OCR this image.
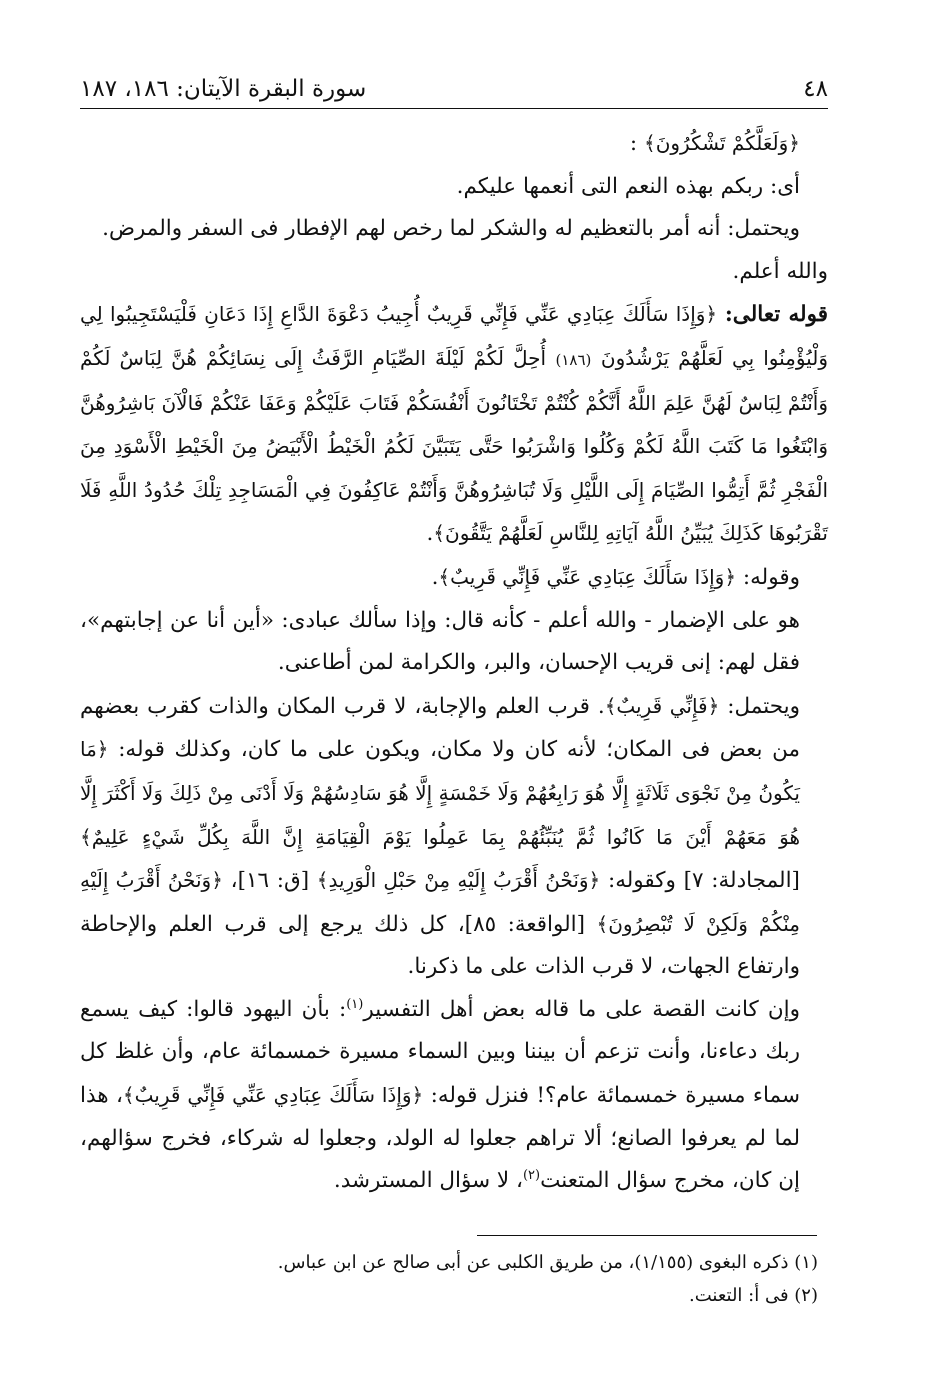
٤٨
سورة البقرة الآيتان: ١٨٦، ١٨٧

﴿وَلَعَلَّكُمْ تَشْكُرُونَ﴾ :

أى: ربكم بهذه النعم التى أنعمها عليكم.

ويحتمل: أنه أمر بالتعظيم له والشكر لما رخص لهم الإفطار فى السفر والمرض.

والله أعلم.

قوله تعالى: ﴿وَإِذَا سَأَلَكَ عِبَادِي عَنِّي فَإِنِّي قَرِيبٌ أُجِيبُ دَعْوَةَ الدَّاعِ إِذَا دَعَانِ فَلْيَسْتَجِيبُوا لِي وَلْيُؤْمِنُوا بِي لَعَلَّهُمْ يَرْشُدُونَ (١٨٦) أُحِلَّ لَكُمْ لَيْلَةَ الصِّيَامِ الرَّفَثُ إِلَى نِسَائِكُمْ هُنَّ لِبَاسٌ لَكُمْ وَأَنْتُمْ لِبَاسٌ لَهُنَّ عَلِمَ اللَّهُ أَنَّكُمْ كُنْتُمْ تَخْتَانُونَ أَنْفُسَكُمْ فَتَابَ عَلَيْكُمْ وَعَفَا عَنْكُمْ فَالْآنَ بَاشِرُوهُنَّ وَابْتَغُوا مَا كَتَبَ اللَّهُ لَكُمْ وَكُلُوا وَاشْرَبُوا حَتَّى يَتَبَيَّنَ لَكُمُ الْخَيْطُ الْأَبْيَضُ مِنَ الْخَيْطِ الْأَسْوَدِ مِنَ الْفَجْرِ ثُمَّ أَتِمُّوا الصِّيَامَ إِلَى اللَّيْلِ وَلَا تُبَاشِرُوهُنَّ وَأَنْتُمْ عَاكِفُونَ فِي الْمَسَاجِدِ تِلْكَ حُدُودُ اللَّهِ فَلَا تَقْرَبُوهَا كَذَلِكَ يُبَيِّنُ اللَّهُ آيَاتِهِ لِلنَّاسِ لَعَلَّهُمْ يَتَّقُونَ﴾.

وقوله: ﴿وَإِذَا سَأَلَكَ عِبَادِي عَنِّي فَإِنِّي قَرِيبٌ﴾.

هو على الإضمار - والله أعلم - كأنه قال: وإذا سألك عبادى: «أين أنا عن إجابتهم»، فقل لهم: إنى قريب الإحسان، والبر، والكرامة لمن أطاعنى.

ويحتمل: ﴿فَإِنِّي قَرِيبٌ﴾. قرب العلم والإجابة، لا قرب المكان والذات كقرب بعضهم من بعض فى المكان؛ لأنه كان ولا مكان، ويكون على ما كان، وكذلك قوله: ﴿مَا يَكُونُ مِنْ نَجْوَى ثَلَاثَةٍ إِلَّا هُوَ رَابِعُهُمْ وَلَا خَمْسَةٍ إِلَّا هُوَ سَادِسُهُمْ وَلَا أَدْنَى مِنْ ذَلِكَ وَلَا أَكْثَرَ إِلَّا هُوَ مَعَهُمْ أَيْنَ مَا كَانُوا ثُمَّ يُنَبِّئُهُمْ بِمَا عَمِلُوا يَوْمَ الْقِيَامَةِ إِنَّ اللَّهَ بِكُلِّ شَيْءٍ عَلِيمٌ﴾ [المجادلة: ٧] وكقوله: ﴿وَنَحْنُ أَقْرَبُ إِلَيْهِ مِنْ حَبْلِ الْوَرِيدِ﴾ [ق: ١٦]، ﴿وَنَحْنُ أَقْرَبُ إِلَيْهِ مِنْكُمْ وَلَكِنْ لَا تُبْصِرُونَ﴾ [الواقعة: ٨٥]، كل ذلك يرجع إلى قرب العلم والإحاطة وارتفاع الجهات، لا قرب الذات على ما ذكرنا.

وإن كانت القصة على ما قاله بعض أهل التفسير$^{(١)}$: بأن اليهود قالوا: كيف يسمع ربك دعاءنا، وأنت تزعم أن بيننا وبين السماء مسيرة خمسمائة عام، وأن غلظ كل سماء مسيرة خمسمائة عام؟! فنزل قوله: ﴿وَإِذَا سَأَلَكَ عِبَادِي عَنِّي فَإِنِّي قَرِيبٌ﴾، هذا لما لم يعرفوا الصانع؛ ألا تراهم جعلوا له الولد، وجعلوا له شركاء، فخرج سؤالهم، إن كان، مخرج سؤال المتعنت$^{(٢)}$، لا سؤال المسترشد.

(١) ذكره البغوى (١/١٥٥)، من طريق الكلبى عن أبى صالح عن ابن عباس.

(٢) فى أ: التعنت.
